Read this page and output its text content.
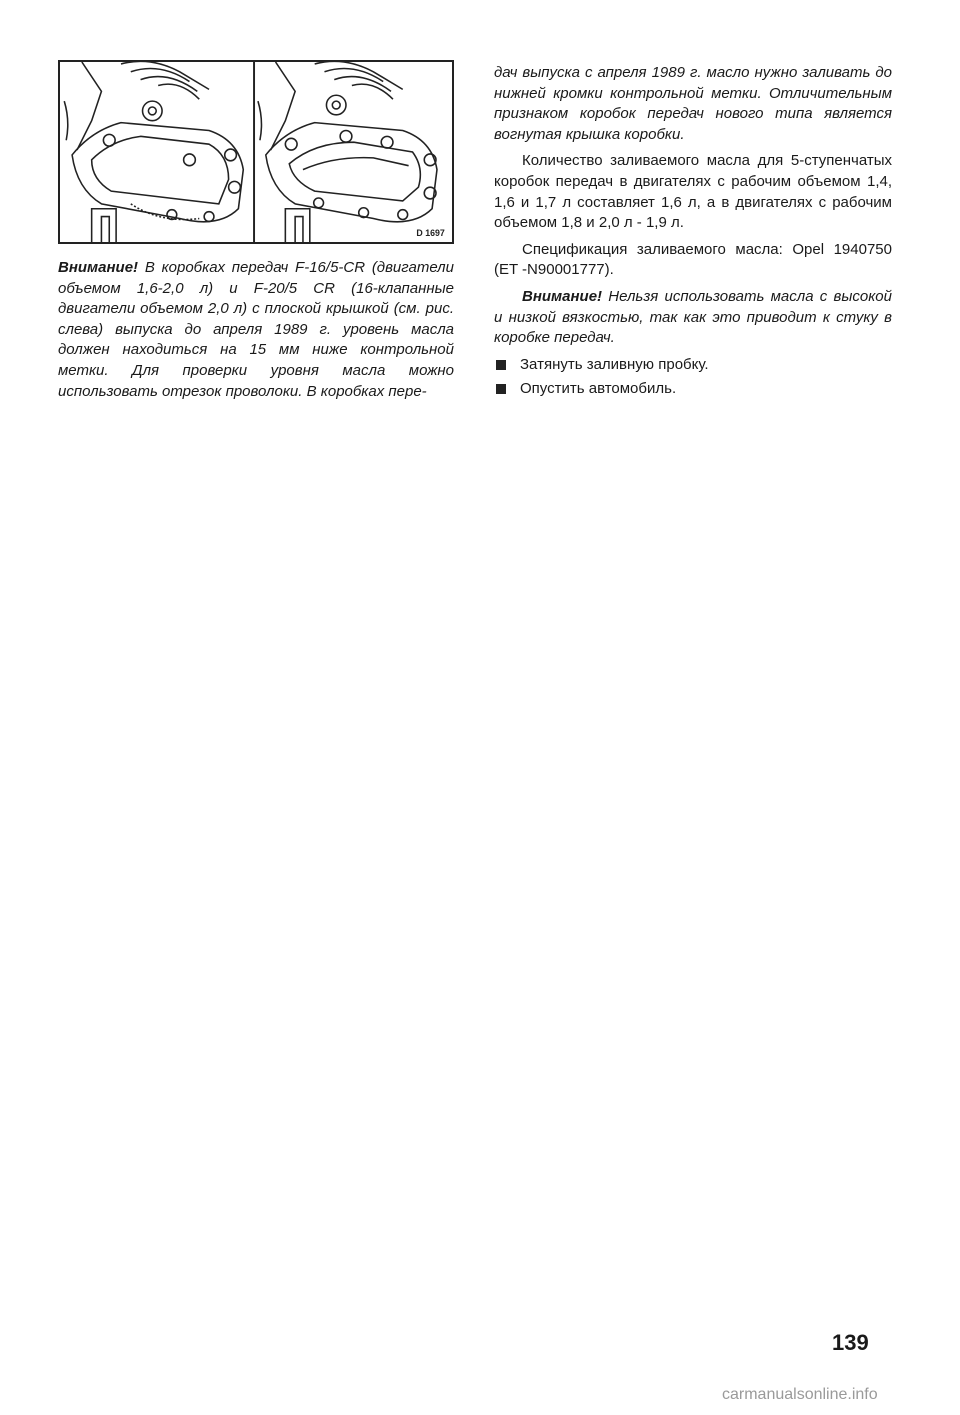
D 1697

Внимание! В коробках передач F-16/5-CR (двигатели объемом 1,6-2,0 л) и F-20/5 CR (16-клапанные двигатели объемом 2,0 л) с плоской крышкой (см. рис. слева) выпуска до апреля 1989 г. уровень масла должен находиться на 15 мм ниже контрольной метки. Для проверки уровня масла можно использовать отрезок проволоки. В коробках пере-

дач выпуска с апреля 1989 г. масло нужно заливать до нижней кромки контрольной метки. Отличительным признаком коробок передач нового типа является вогнутая крышка коробки.

Количество заливаемого масла для 5-ступенчатых коробок передач в двигателях с рабочим объемом 1,4, 1,6 и 1,7 л составляет 1,6 л, а в двигателях с рабочим объемом 1,8 и 2,0 л - 1,9 л.

Спецификация заливаемого масла: Opel 1940750 (ET -N90001777).

Внимание! Нельзя использовать масла с высокой и низкой вязкостью, так как это приводит к стуку в коробке передач.

Затянуть заливную пробку.
Опустить автомобиль.
139
carmanualsonline.info
